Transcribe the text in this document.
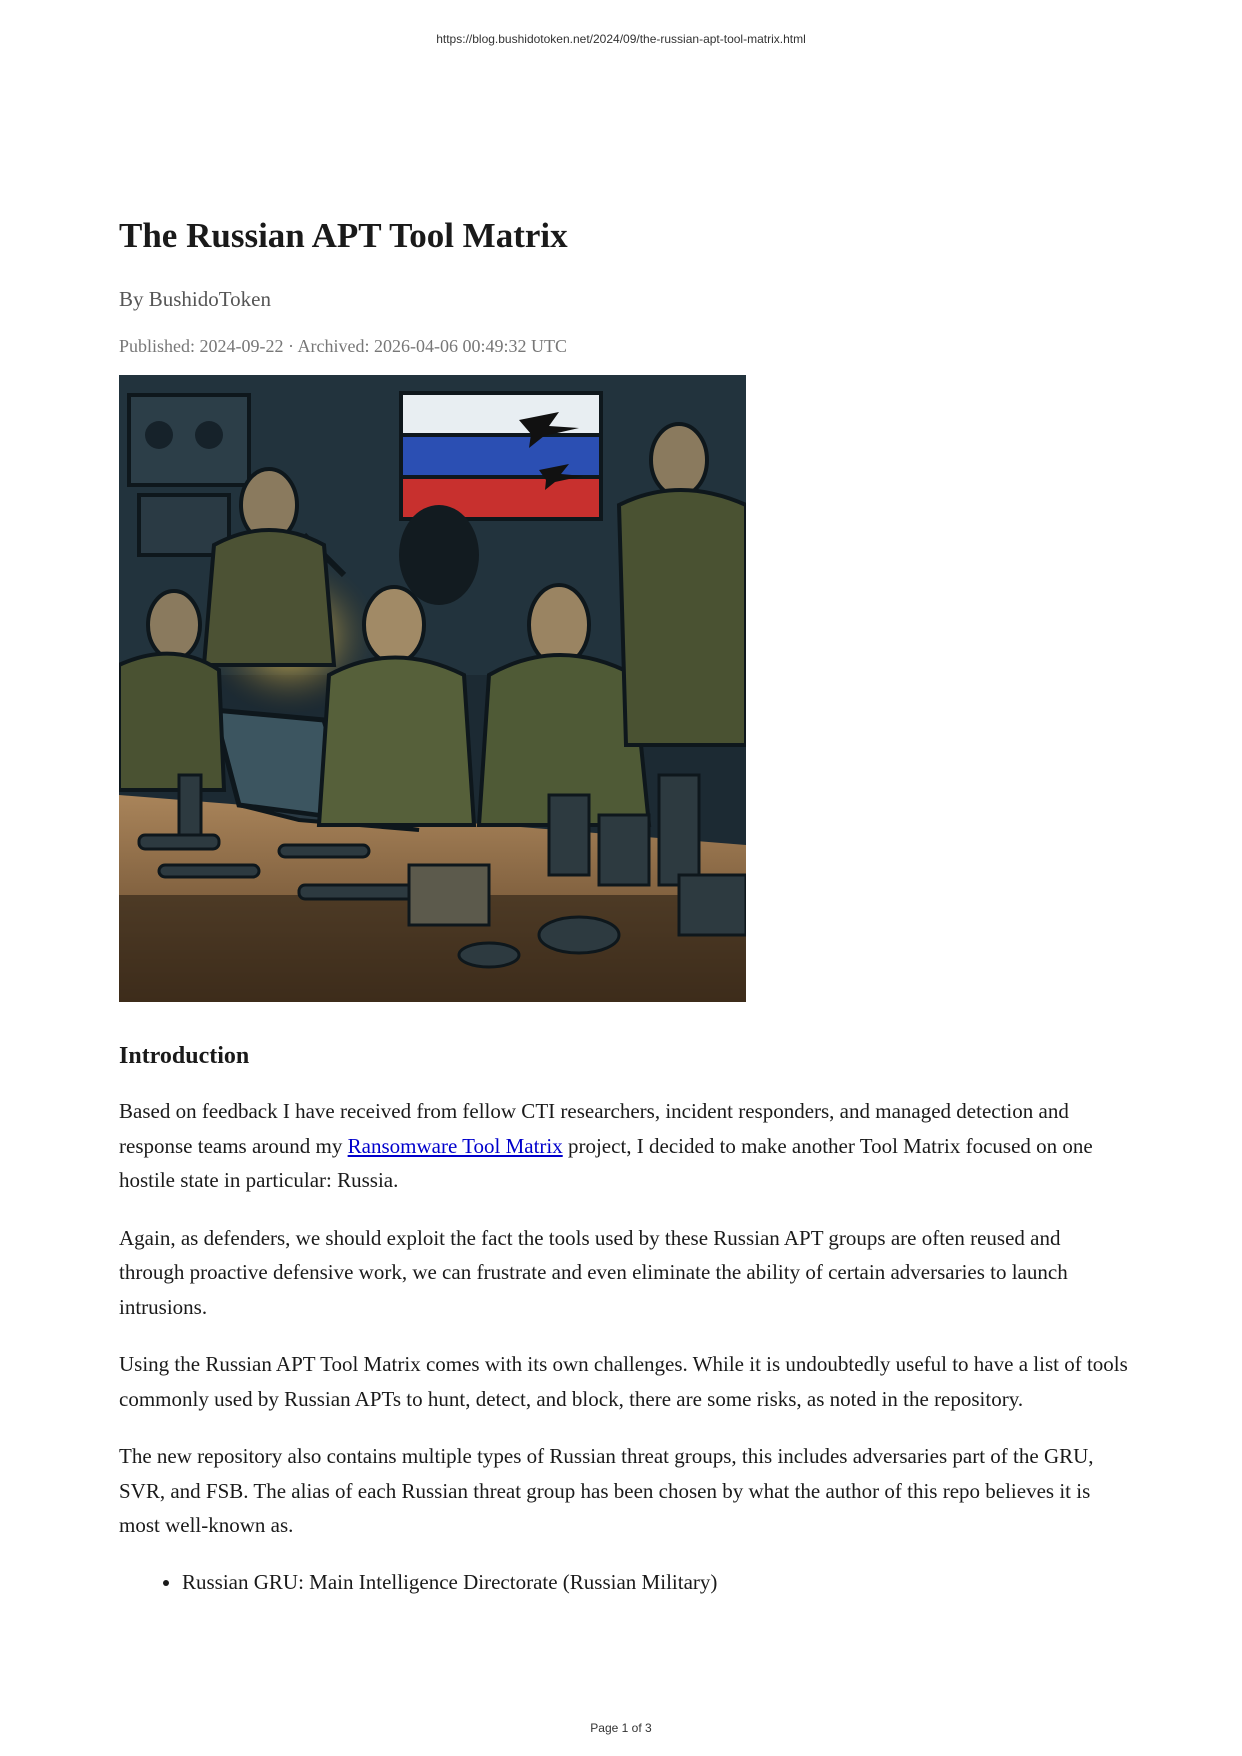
https://blog.bushidotoken.net/2024/09/the-russian-apt-tool-matrix.html
The Russian APT Tool Matrix
By BushidoToken
Published: 2024-09-22 · Archived: 2026-04-06 00:49:32 UTC
Introduction

Based on feedback I have received from fellow CTI researchers, incident responders, and managed detection and response teams around my Ransomware Tool Matrix project, I decided to make another Tool Matrix focused on one hostile state in particular: Russia.

Again, as defenders, we should exploit the fact the tools used by these Russian APT groups are often reused and through proactive defensive work, we can frustrate and even eliminate the ability of certain adversaries to launch intrusions.

Using the Russian APT Tool Matrix comes with its own challenges. While it is undoubtedly useful to have a list of tools commonly used by Russian APTs to hunt, detect, and block, there are some risks, as noted in the repository.

The new repository also contains multiple types of Russian threat groups, this includes adversaries part of the GRU, SVR, and FSB. The alias of each Russian threat group has been chosen by what the author of this repo believes it is most well-known as.

• Russian GRU: Main Intelligence Directorate (Russian Military)
Page 1 of 3
